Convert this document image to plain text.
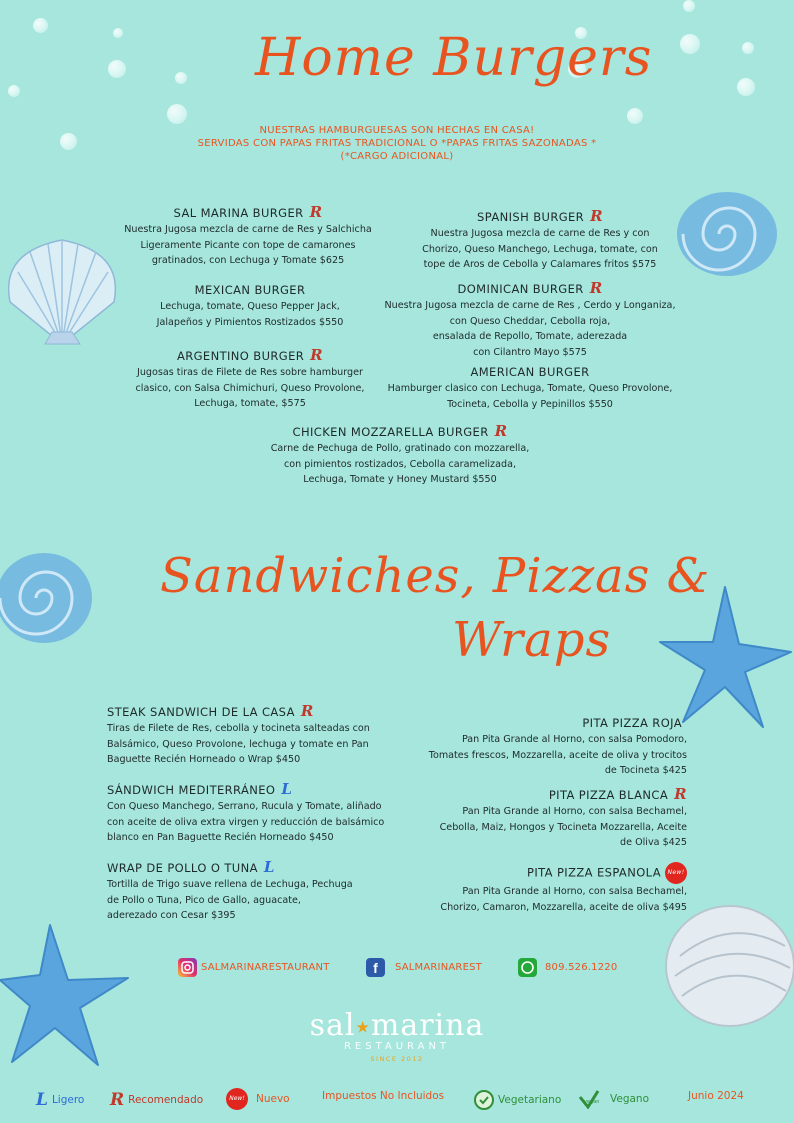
Home Burgers
NUESTRAS HAMBURGUESAS SON HECHAS EN CASA!
SERVIDAS CON PAPAS FRITAS TRADICIONAL O *PAPAS FRITAS SAZONADAS *
(*CARGO ADICIONAL)
SAL MARINA BURGER R
Nuestra Jugosa mezcla de carne de Res y Salchicha
Ligeramente Picante con tope de camarones
gratinados, con Lechuga y Tomate $625
SPANISH BURGER R
Nuestra Jugosa mezcla de carne de Res y con
Chorizo, Queso Manchego, Lechuga, tomate, con
tope de Aros de Cebolla y Calamares fritos $575
MEXICAN BURGER
Lechuga, tomate, Queso Pepper Jack,
Jalapeños y Pimientos Rostizados $550
DOMINICAN BURGER R
Nuestra Jugosa mezcla de carne de Res , Cerdo y Longaniza,
con Queso Cheddar, Cebolla roja,
ensalada de Repollo, Tomate, aderezada
con Cilantro Mayo $575
ARGENTINO BURGER R
Jugosas tiras de Filete de Res sobre hamburger
clasico, con Salsa Chimichuri, Queso Provolone,
Lechuga, tomate, $575
AMERICAN BURGER
Hamburger clasico con Lechuga, Tomate, Queso Provolone,
Tocineta, Cebolla y Pepinillos $550
CHICKEN MOZZARELLA BURGER R
Carne de Pechuga de Pollo, gratinado con mozzarella,
con pimientos rostizados, Cebolla caramelizada,
Lechuga, Tomate y Honey Mustard $550
Sandwiches, Pizzas &
Wraps
STEAK SANDWICH DE LA CASA R
Tiras de Filete de Res, cebolla y tocineta salteadas con
Balsámico, Queso Provolone, lechuga y tomate en Pan
Baguette Recién Horneado o Wrap $450
SÁNDWICH MEDITERRÁNEO L
Con Queso Manchego, Serrano, Rucula y Tomate, aliñado
con aceite de oliva extra virgen y reducción de balsámico
blanco en Pan Baguette Recién Horneado $450
WRAP DE POLLO O TUNA L
Tortilla de Trigo suave rellena de Lechuga, Pechuga
de Pollo o Tuna, Pico de Gallo, aguacate,
aderezado con Cesar $395
PITA PIZZA ROJA
Pan Pita Grande al Horno, con salsa Pomodoro,
Tomates frescos, Mozzarella, aceite de oliva y trocitos
de Tocineta $425
PITA PIZZA BLANCA R
Pan Pita Grande al Horno, con salsa Bechamel,
Cebolla, Maiz, Hongos y Tocineta Mozzarella, Aceite
de Oliva $425
PITA PIZZA ESPANOLA New!
Pan Pita Grande al Horno, con salsa Bechamel,
Chorizo, Camaron, Mozzarella, aceite de oliva $495
SALMARINARESTAURANT	f	SALMARINAREST	809.526.1220
sal★marina
RESTAURANT
SINCE 2012
L Ligero R Recomendado	New!	Nuevo	Impuestos No Incluidos	Vegetariano	vegan Vegano	Junio 2024
